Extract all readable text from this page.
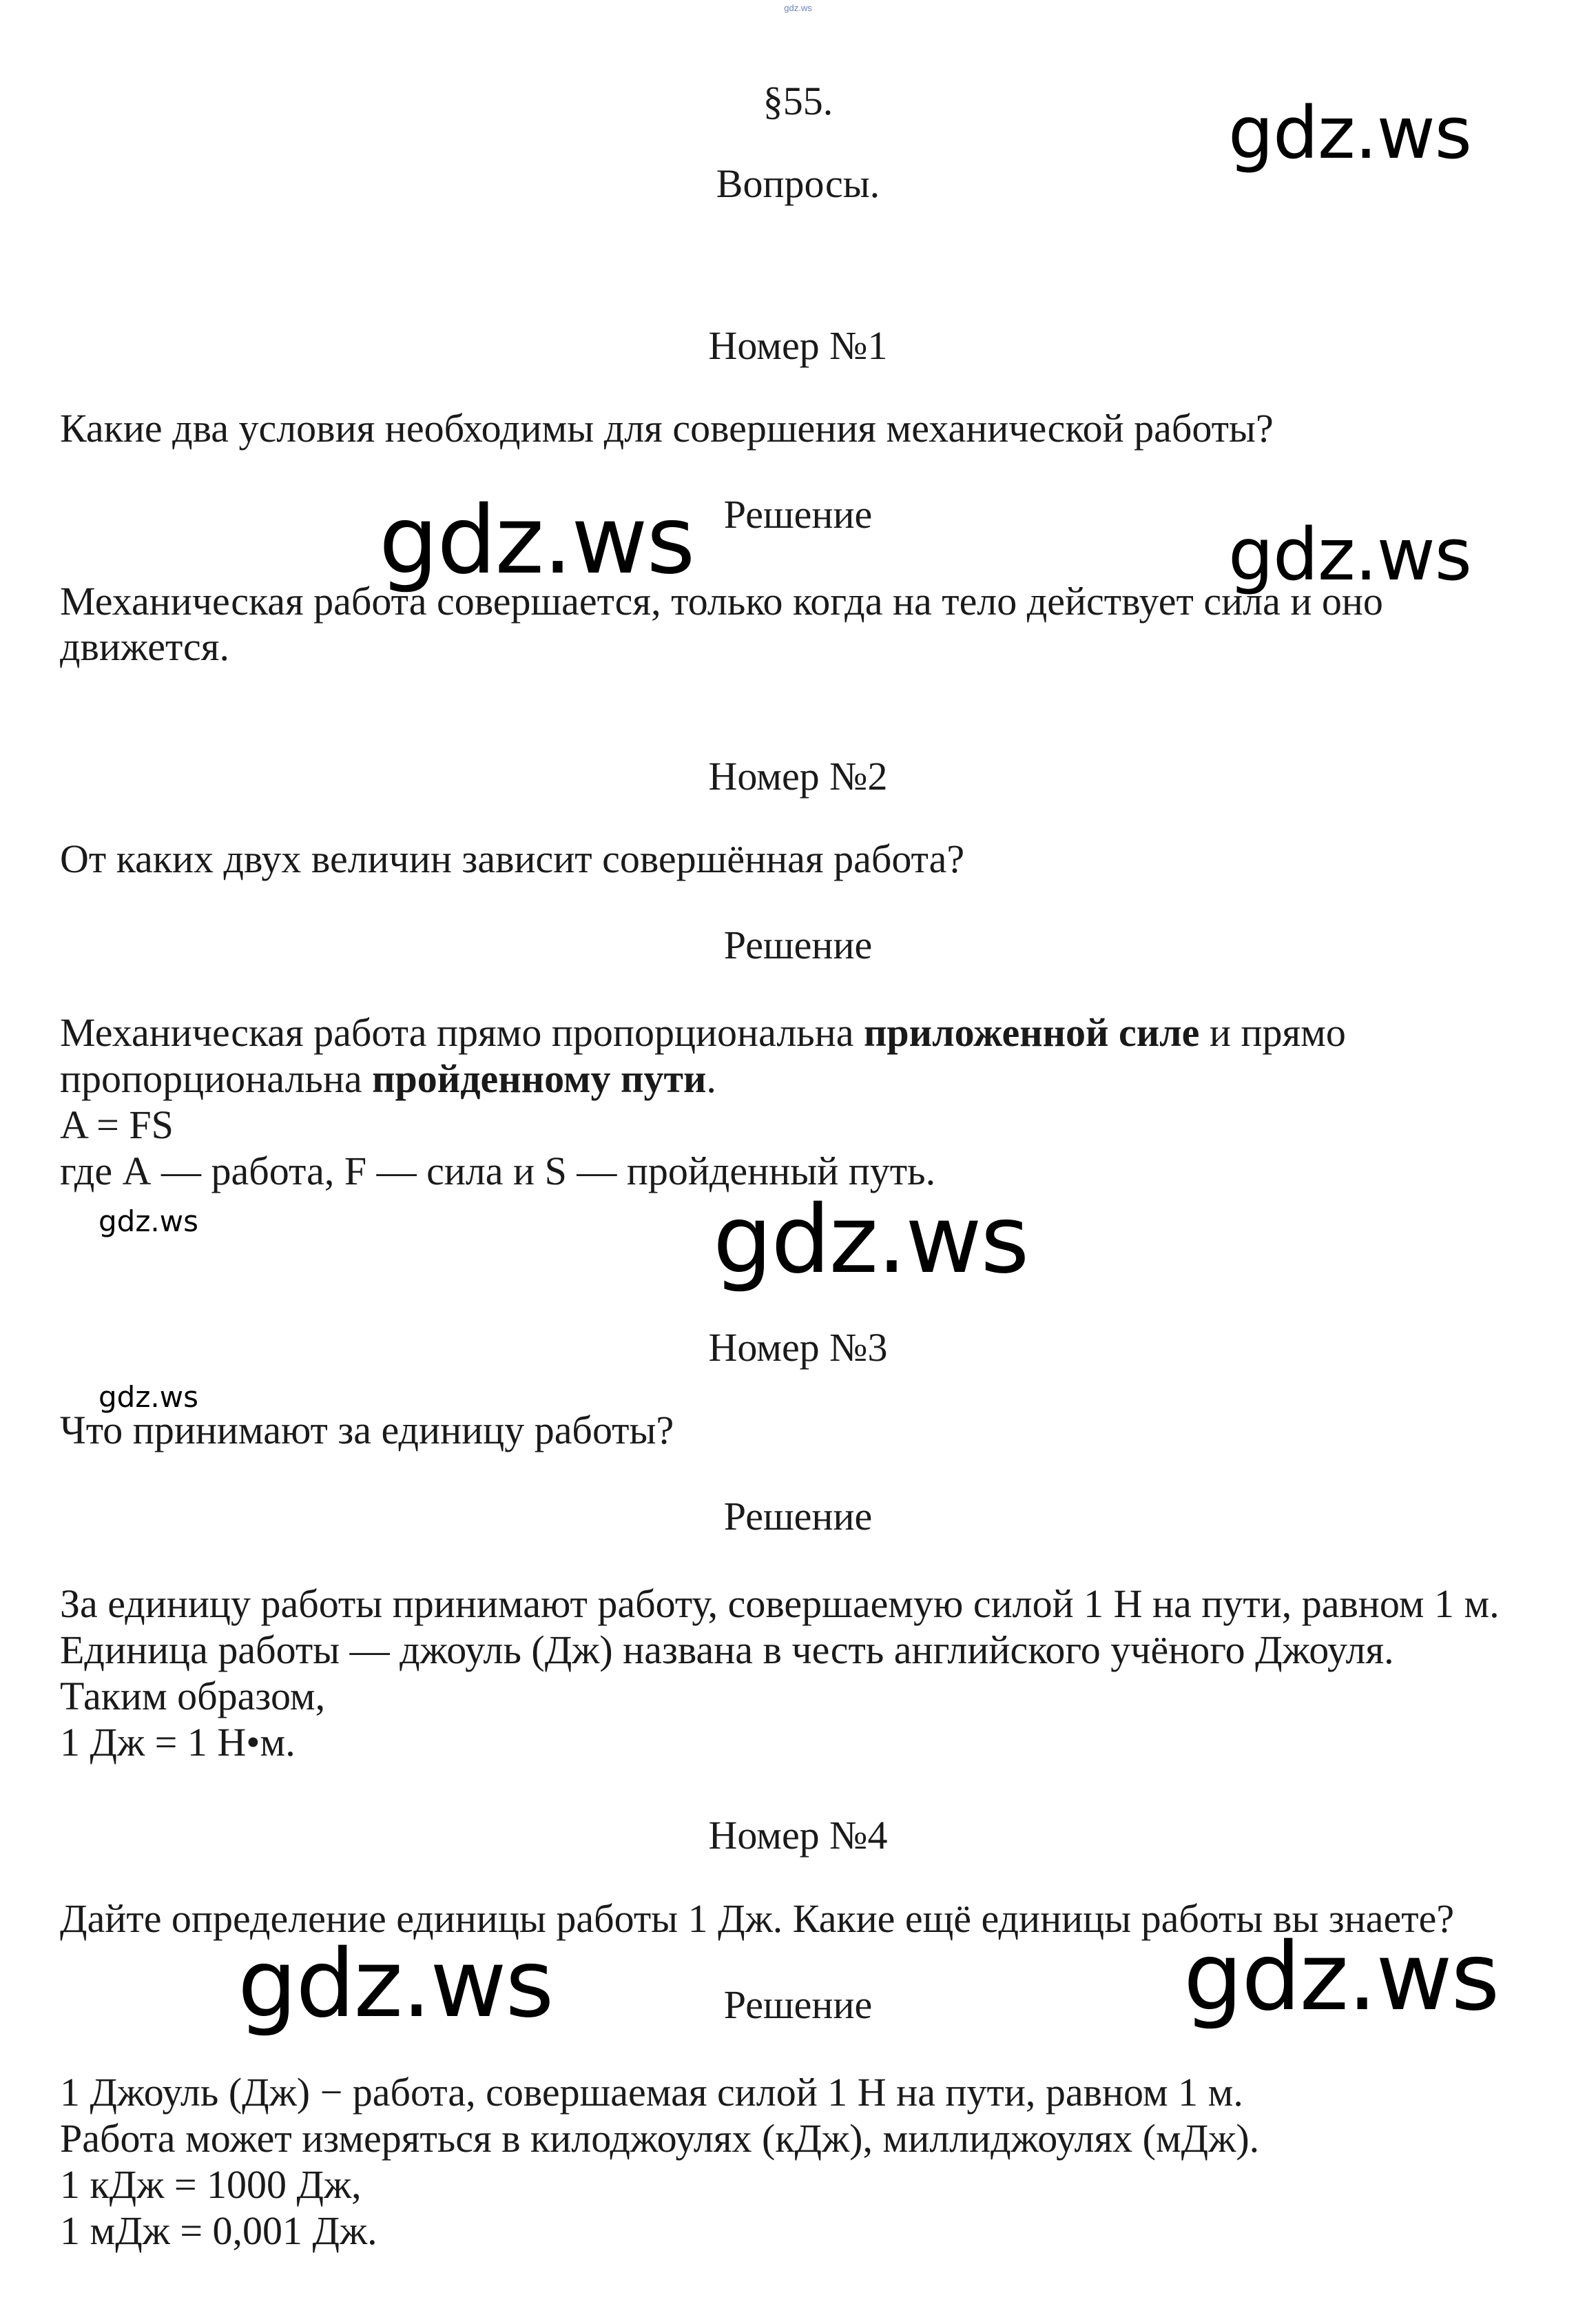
gdz.ws
§55.
Вопросы.
Номер №1
Какие два условия необходимы для совершения механической работы?
Решение
Механическая работа совершается, только когда на тело действует сила и оно
движется.
Номер №2
От каких двух величин зависит совершённая работа?
Решение
Механическая работа прямо пропорциональна приложенной силе и прямо
пропорциональна пройденному пути.
A = FS
где А — работа, F — сила и S — пройденный путь.
Номер №3
Что принимают за единицу работы?
Решение
За единицу работы принимают работу, совершаемую силой 1 Н на пути, равном 1 м.
Единица работы — джоуль (Дж) названа в честь английского учёного Джоуля.
Таким образом,
1 Дж = 1 Н•м.
Номер №4
Дайте определение единицы работы 1 Дж. Какие ещё единицы работы вы знаете?
Решение
1 Джоуль (Дж) − работа, совершаемая силой 1 Н на пути, равном 1 м.
Работа может измеряться в килоджоулях (кДж), миллиджоулях (мДж).
1 кДж = 1000 Дж,
1 мДж = 0,001 Дж.
gdz.ws
gdz.ws	gdz.ws
gdz.ws	gdz.ws
gdz.ws
gdz.ws	gdz.ws
